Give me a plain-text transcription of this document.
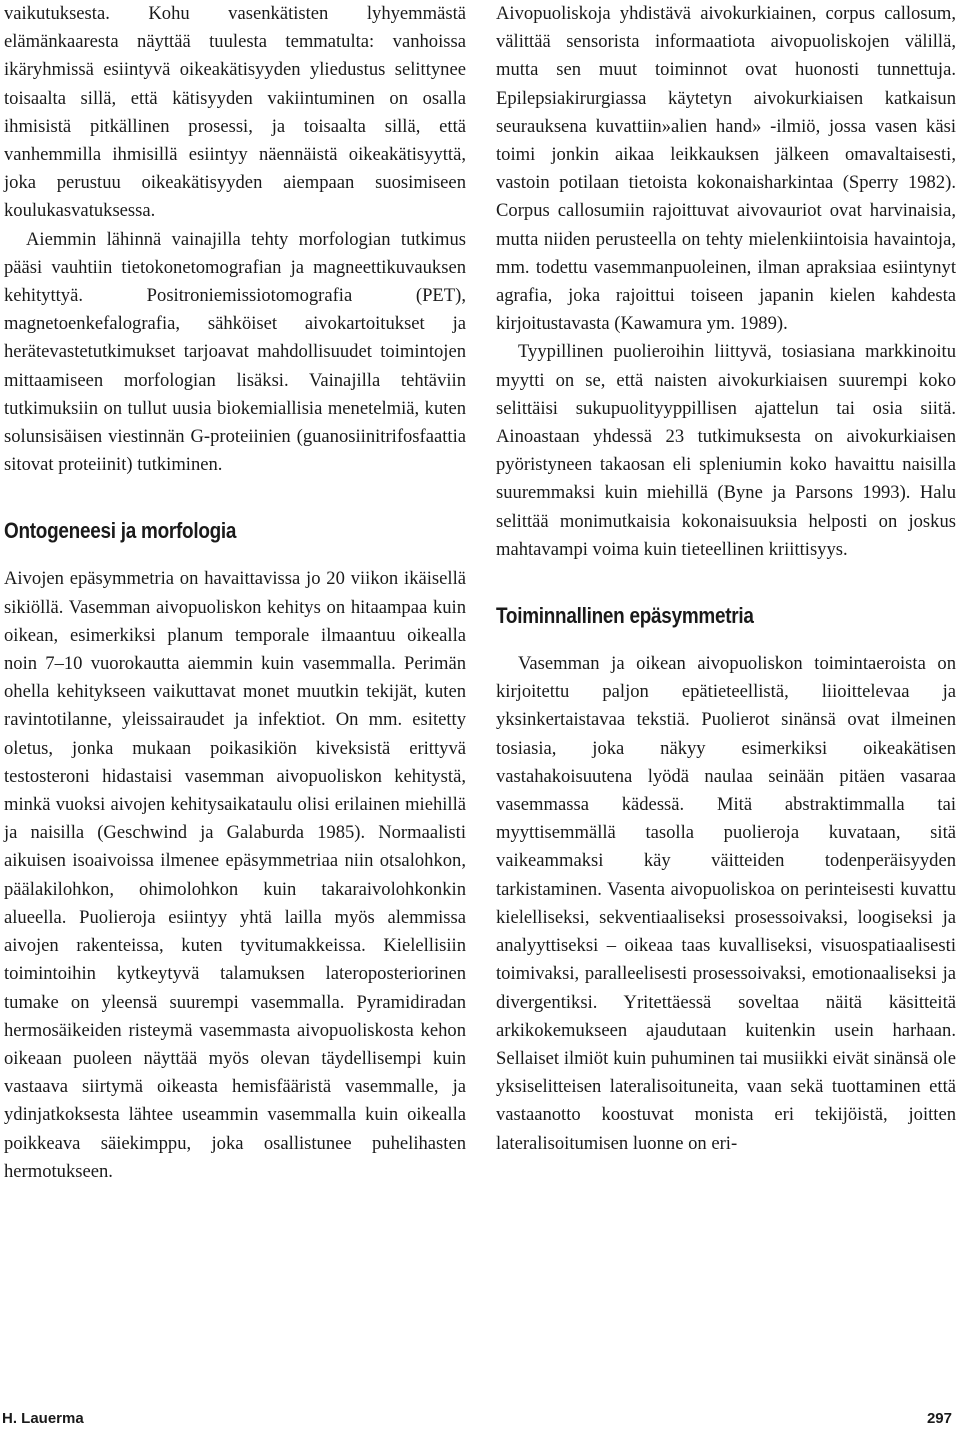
vaikutuksesta. Kohu vasenkätisten lyhyemmästä elämänkaaresta näyttää tuulesta temmatulta: vanhoissa ikäryhmissä esiintyvä oikeakätisyyden yliedustus selittynee toisaalta sillä, että kätisyyden vakiintuminen on osalla ihmisistä pitkällinen prosessi, ja toisaalta sillä, että vanhemmilla ihmisillä esiintyy näennäistä oikeakätisyyttä, joka perustuu oikeakätisyyden aiempaan suosimiseen koulukasvatuksessa.

Aiemmin lähinnä vainajilla tehty morfologian tutkimus pääsi vauhtiin tietokonetomografian ja magneettikuvauksen kehityttyä. Positroniemissiotomografia (PET), magnetoenkefalografia, sähköiset aivokartoitukset ja herätevastetutkimukset tarjoavat mahdollisuudet toimintojen mittaamiseen morfologian lisäksi. Vainajilla tehtäviin tutkimuksiin on tullut uusia biokemiallisia menetelmiä, kuten solunsisäisen viestinnän G-proteiinien (guanosiinitrifosfaattia sitovat proteiinit) tutkiminen.

Ontogeneesi ja morfologia

Aivojen epäsymmetria on havaittavissa jo 20 viikon ikäisellä sikiöllä. Vasemman aivopuoliskon kehitys on hitaampaa kuin oikean, esimerkiksi planum temporale ilmaantuu oikealla noin 7–10 vuorokautta aiemmin kuin vasemmalla. Perimän ohella kehitykseen vaikuttavat monet muutkin tekijät, kuten ravintotilanne, yleissairaudet ja infektiot. On mm. esitetty oletus, jonka mukaan poikasikiön kiveksistä erittyvä testosteroni hidastaisi vasemman aivopuoliskon kehitystä, minkä vuoksi aivojen kehitysaikataulu olisi erilainen miehillä ja naisilla (Geschwind ja Galaburda 1985). Normaalisti aikuisen isoaivoissa ilmenee epäsymmetriaa niin otsalohkon, päälakilohkon, ohimolohkon kuin takaraivolohkonkin alueella. Puolieroja esiintyy yhtä lailla myös alemmissa aivojen rakenteissa, kuten tyvitumakkeissa. Kielellisiin toimintoihin kytkeytyvä talamuksen lateroposteriorinen tumake on yleensä suurempi vasemmalla. Pyramidiradan hermosäikeiden risteymä vasemmasta aivopuoliskosta kehon oikeaan puoleen näyttää myös olevan täydellisempi kuin vastaava siirtymä oikeasta hemisfääristä vasemmalle, ja ydinjatkoksesta lähtee useammin vasemmalla kuin oikealla poikkeava säiekimppu, joka osallistunee puhelihasten hermotukseen.

Aivopuoliskoja yhdistävä aivokurkiainen, corpus callosum, välittää sensorista informaatiota aivopuoliskojen välillä, mutta sen muut toiminnot ovat huonosti tunnettuja. Epilepsiakirurgiassa käytetyn aivokurkiaisen katkaisun seurauksena kuvattiin»alien hand» -ilmiö, jossa vasen käsi toimi jonkin aikaa leikkauksen jälkeen omavaltaisesti, vastoin potilaan tietoista kokonaisharkintaa (Sperry 1982). Corpus callosumiin rajoittuvat aivovauriot ovat harvinaisia, mutta niiden perusteella on tehty mielenkiintoisia havaintoja, mm. todettu vasemmanpuoleinen, ilman apraksiaa esiintynyt agrafia, joka rajoittui toiseen japanin kielen kahdesta kirjoitustavasta (Kawamura ym. 1989).

Tyypillinen puolieroihin liittyvä, tosiasiana markkinoitu myytti on se, että naisten aivokurkiaisen suurempi koko selittäisi sukupuolityyppillisen ajattelun tai osia siitä. Ainoastaan yhdessä 23 tutkimuksesta on aivokurkiaisen pyöristyneen takaosan eli spleniumin koko havaittu naisilla suuremmaksi kuin miehillä (Byne ja Parsons 1993). Halu selittää monimutkaisia kokonaisuuksia helposti on joskus mahtavampi voima kuin tieteellinen kriittisyys.

Toiminnallinen epäsymmetria

Vasemman ja oikean aivopuoliskon toimintaeroista on kirjoitettu paljon epätieteellistä, liioittelevaa ja yksinkertaistavaa tekstiä. Puolierot sinänsä ovat ilmeinen tosiasia, joka näkyy esimerkiksi oikeakätisen vastahakoisuutena lyödä naulaa seinään pitäen vasaraa vasemmassa kädessä. Mitä abstraktimmalla tai myyttisemmällä tasolla puolieroja kuvataan, sitä vaikeammaksi käy väitteiden todenperäisyyden tarkistaminen. Vasenta aivopuoliskoa on perinteisesti kuvattu kielelliseksi, sekventiaaliseksi prosessoivaksi, loogiseksi ja analyyttiseksi – oikeaa taas kuvalliseksi, visuospatiaalisesti toimivaksi, paralleelisesti prosessoivaksi, emotionaaliseksi ja divergentiksi. Yritettäessä soveltaa näitä käsitteitä arkikokemukseen ajaudutaan kuitenkin usein harhaan. Sellaiset ilmiöt kuin puhuminen tai musiikki eivät sinänsä ole yksiselitteisen lateralisoituneita, vaan sekä tuottaminen että vastaanotto koostuvat monista eri tekijöistä, joitten lateralisoitumisen luonne on eri-

H. Lauerma	297
